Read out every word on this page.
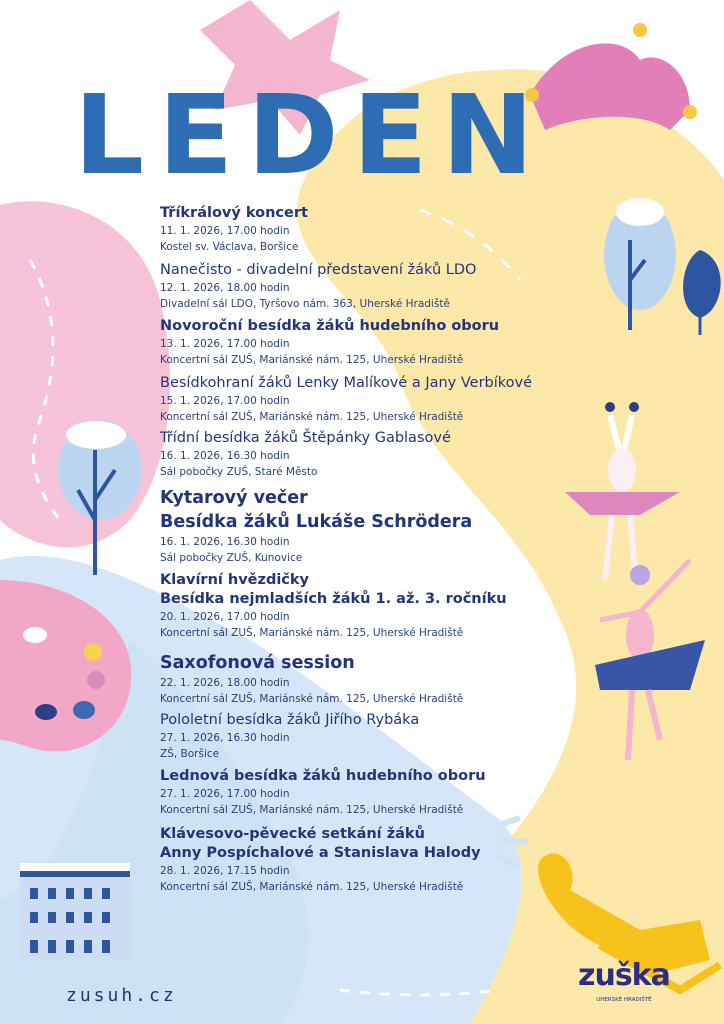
LEDEN
Tříkrálový koncert
11. 1. 2026, 17.00 hodin
Kostel sv. Václava, Boršice
Nanečisto - divadelní představení žáků LDO
12. 1. 2026, 18.00 hodin
Divadelní sál LDO, Tyršovo nám. 363, Uherské Hradiště
Novoroční besídka žáků hudebního oboru
13. 1. 2026, 17.00 hodin
Koncertní sál ZUŠ, Mariánské nám. 125, Uherské Hradiště
Besídkohraní žáků Lenky Malíkové a Jany Verbíkové
15. 1. 2026, 17.00 hodin
Koncertní sál ZUŠ, Mariánské nám. 125, Uherské Hradiště
Třídní besídka žáků Štěpánky Gablasové
16. 1. 2026, 16.30 hodin
Sál pobočky ZUŠ, Staré Město
Kytarový večer
Besídka žáků Lukáše Schrödera
16. 1. 2026, 16.30 hodin
Sál pobočky ZUŠ, Kunovice
Klavírní hvězdičky
Besídka nejmladších žáků 1. až. 3. ročníku
20. 1. 2026, 17.00 hodin
Koncertní sál ZUŠ, Mariánské nám. 125, Uherské Hradiště
Saxofonová session
22. 1. 2026, 18.00 hodin
Koncertní sál ZUŠ, Mariánské nám. 125, Uherské Hradiště
Pololetní besídka žáků Jiřího Rybáka
27. 1. 2026, 16.30 hodin
ZŠ, Boršice
Lednová besídka žáků hudebního oboru
27. 1. 2026, 17.00 hodin
Koncertní sál ZUŠ, Mariánské nám. 125, Uherské Hradiště
Klávesovo-pěvecké setkání žáků
Anny Pospíchalové a Stanislava Halody
28. 1. 2026, 17.15 hodin
Koncertní sál ZUŠ, Mariánské nám. 125, Uherské Hradiště
zusuh.cz
zuška
UHERSKÉ HRADIŠTĚ
